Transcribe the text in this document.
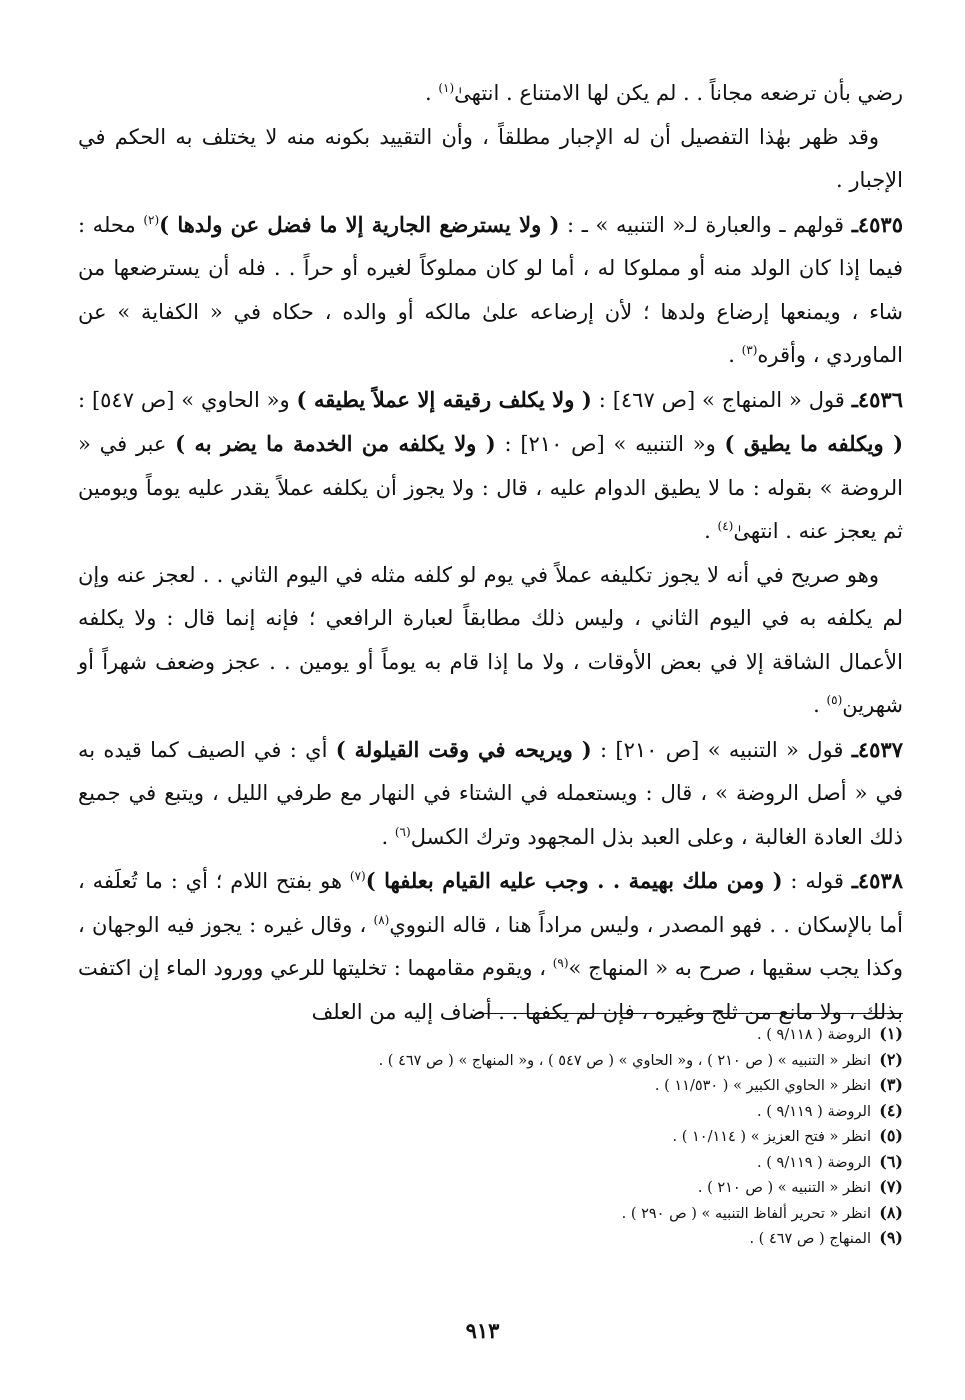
رضي بأن ترضعه مجاناً . . لم يكن لها الامتناع . انتهىٰ$^{(١)}$ .

وقد ظهر بهٰذا التفصيل أن له الإجبار مطلقاً ، وأن التقييد بكونه منه لا يختلف به الحكم في الإجبار .

٤٥٣٥ـ قولهم ـ والعبارة لـ« التنبيه » ـ : ( ولا يسترضع الجارية إلا ما فضل عن ولدها )$^{(٢)}$ محله : فيما إذا كان الولد منه أو مملوكا له ، أما لو كان مملوكاً لغيره أو حراً . . فله أن يسترضعها من شاء ، ويمنعها إرضاع ولدها ؛ لأن إرضاعه علىٰ مالكه أو والده ، حكاه في « الكفاية » عن الماوردي ، وأقره$^{(٣)}$ .

٤٥٣٦ـ قول « المنهاج » [ص ٤٦٧] : ( ولا يكلف رقيقه إلا عملاً يطيقه ) و« الحاوي » [ص ٥٤٧] : ( ويكلفه ما يطيق ) و« التنبيه » [ص ٢١٠] : ( ولا يكلفه من الخدمة ما يضر به ) عبر في « الروضة » بقوله : ما لا يطيق الدوام عليه ، قال : ولا يجوز أن يكلفه عملاً يقدر عليه يوماً ويومين ثم يعجز عنه . انتهىٰ$^{(٤)}$ .

وهو صريح في أنه لا يجوز تكليفه عملاً في يوم لو كلفه مثله في اليوم الثاني . . لعجز عنه وإن لم يكلفه به في اليوم الثاني ، وليس ذلك مطابقاً لعبارة الرافعي ؛ فإنه إنما قال : ولا يكلفه الأعمال الشاقة إلا في بعض الأوقات ، ولا ما إذا قام به يوماً أو يومين . . عجز وضعف شهراً أو شهرين$^{(٥)}$ .

٤٥٣٧ـ قول « التنبيه » [ص ٢١٠] : ( ويريحه في وقت القيلولة ) أي : في الصيف كما قيده به في « أصل الروضة » ، قال : ويستعمله في الشتاء في النهار مع طرفي الليل ، ويتبع في جميع ذلك العادة الغالبة ، وعلى العبد بذل المجهود وترك الكسل$^{(٦)}$ .

٤٥٣٨ـ قوله : ( ومن ملك بهيمة . . وجب عليه القيام بعلفها )$^{(٧)}$ هو بفتح اللام ؛ أي : ما تُعلَفه ، أما بالإسكان . . فهو المصدر ، وليس مراداً هنا ، قاله النووي$^{(٨)}$ ، وقال غيره : يجوز فيه الوجهان ، وكذا يجب سقيها ، صرح به « المنهاج »$^{(٩)}$ ، ويقوم مقامهما : تخليتها للرعي وورود الماء إن اكتفت بذلك ، ولا مانع من ثلج وغيره ، فإن لم يكفها . . أضاف إليه من العلف

(١)
الروضة ( ٩/١١٨ ) .
(٢)
انظر « التنبيه » ( ص ٢١٠ ) ، و« الحاوي » ( ص ٥٤٧ ) ، و« المنهاج » ( ص ٤٦٧ ) .
(٣)
انظر « الحاوي الكبير » ( ١١/٥٣٠ ) .
(٤)
الروضة ( ٩/١١٩ ) .
(٥)
انظر « فتح العزيز » ( ١٠/١١٤ ) .
(٦)
الروضة ( ٩/١١٩ ) .
(٧)
انظر « التنبيه » ( ص ٢١٠ ) .
(٨)
انظر « تحرير ألفاظ التنبيه » ( ص ٢٩٠ ) .
(٩)
المنهاج ( ص ٤٦٧ ) .
٩١٣
